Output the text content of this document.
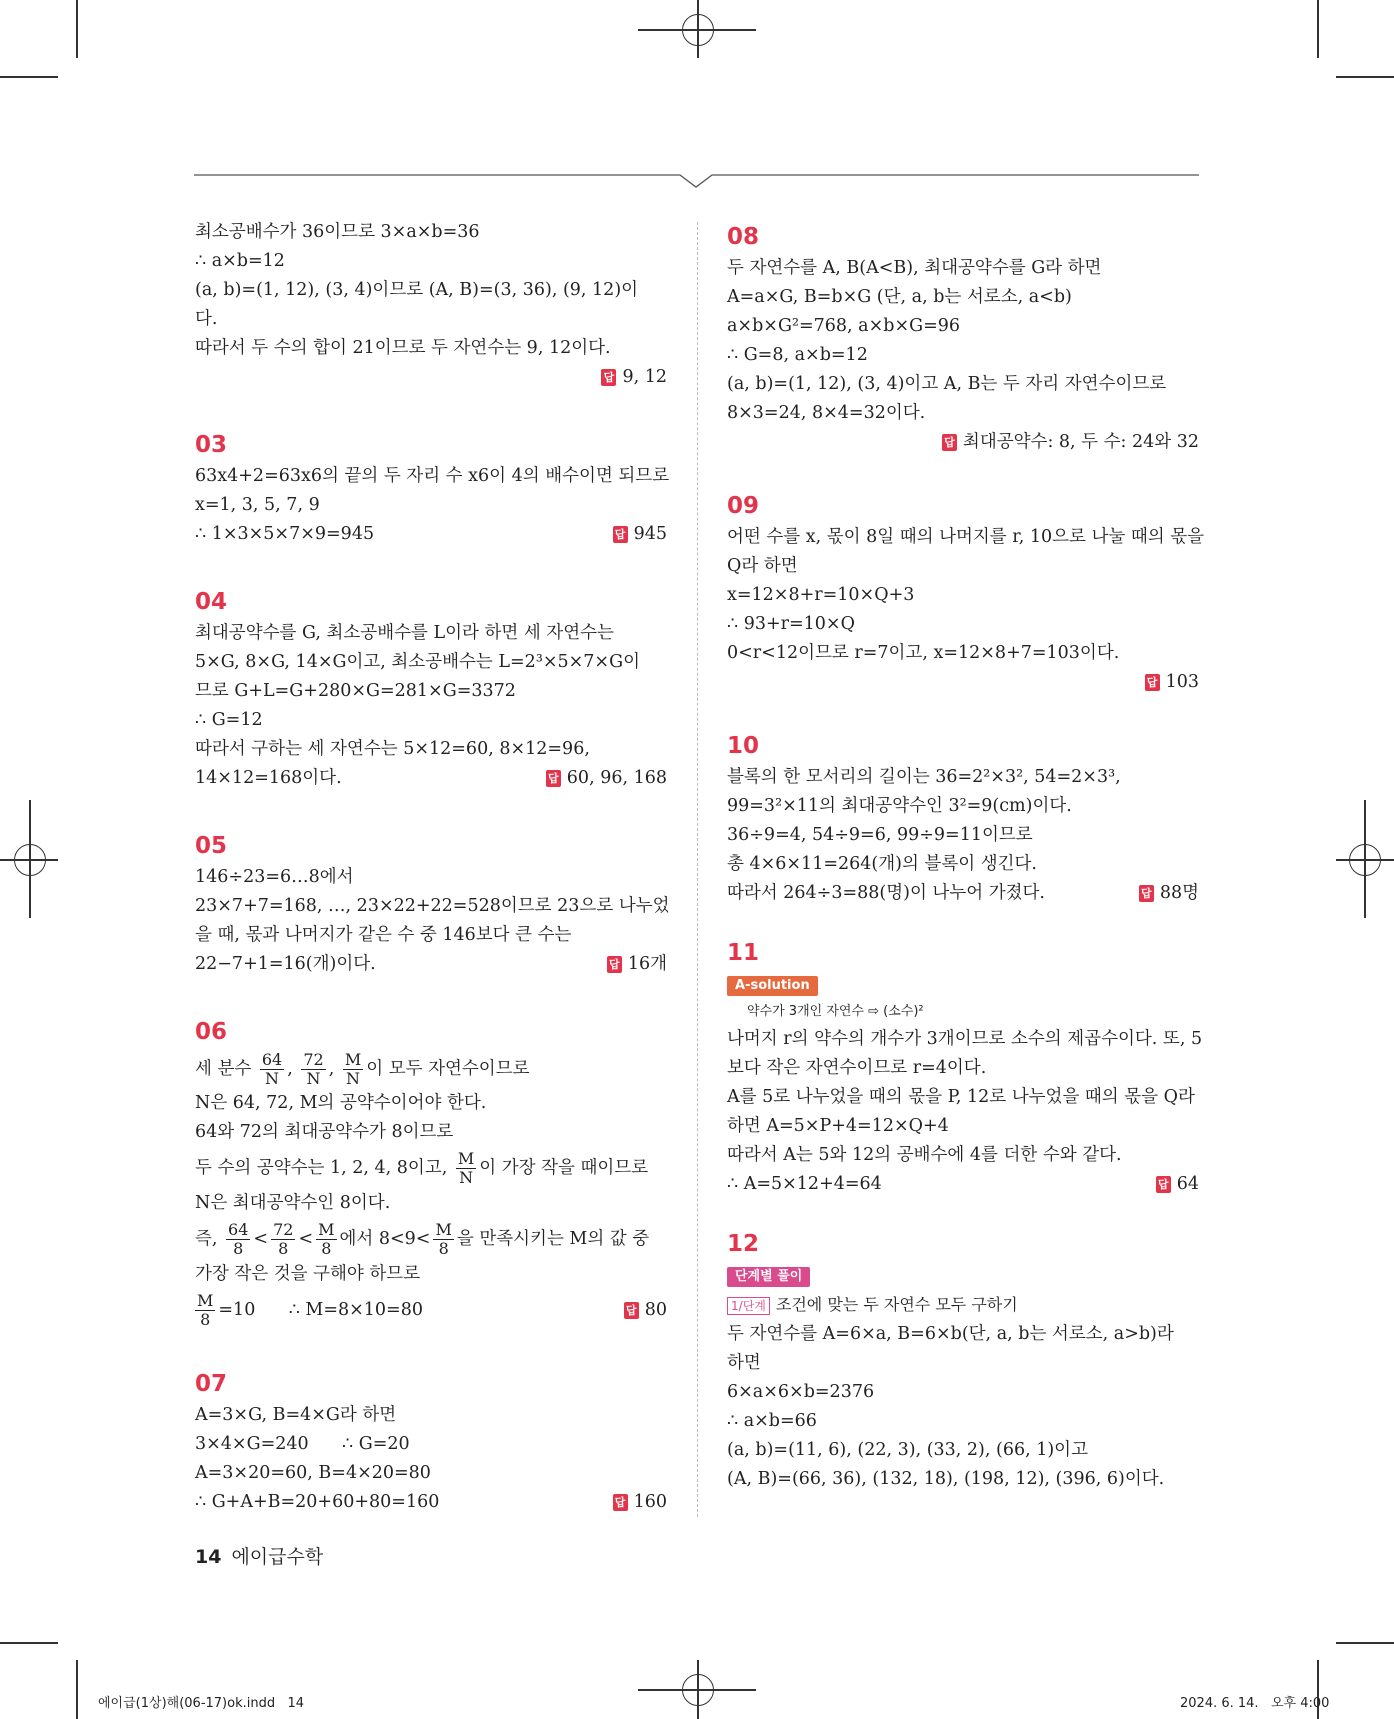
최소공배수가 36이므로 3×a×b=36
∴ a×b=12
(a, b)=(1, 12), (3, 4)이므로 (A, B)=(3, 36), (9, 12)이
다.
따라서 두 수의 합이 21이므로 두 자연수는 9, 12이다.
답 9, 12
03
63x4+2=63x6의 끝의 두 자리 수 x6이 4의 배수이면 되므로
x=1, 3, 5, 7, 9
∴ 1×3×5×7×9=945	답 945
04
최대공약수를 G, 최소공배수를 L이라 하면 세 자연수는
5×G, 8×G, 14×G이고, 최소공배수는 L=2³×5×7×G이
므로 G+L=G+280×G=281×G=3372
∴ G=12
따라서 구하는 세 자연수는 5×12=60, 8×12=96,
14×12=168이다.	답 60, 96, 168
05
146÷23=6…8에서
23×7+7=168, …, 23×22+22=528이므로 23으로 나누었
을 때, 몫과 나머지가 같은 수 중 146보다 큰 수는
22−7+1=16(개)이다.	답 16개
06
세 분수 $\frac{64}{N}$ , $\frac{72}{N}$ , $\frac{M}{N}$ 이 모두 자연수이므로
N은 64, 72, M의 공약수이어야 한다.
64와 72의 최대공약수가 8이므로
두 수의 공약수는 1, 2, 4, 8이고, $\frac{M}{N}$ 이 가장 작을 때이므로
N은 최대공약수인 8이다.
즉, $\frac{64}{8} < \frac{72}{8} < \frac{M}{8}$ 에서 $8<9< \frac{M}{8}$ 을 만족시키는 M의 값 중
가장 작은 것을 구해야 하므로
$\frac{M}{8} =10$      ∴ M=8×10=80	답 80
07
A=3×G, B=4×G라 하면
3×4×G=240      ∴ G=20
A=3×20=60, B=4×20=80
∴ G+A+B=20+60+80=160	답 160
08
두 자연수를 A, B(A<B), 최대공약수를 G라 하면
A=a×G, B=b×G (단, a, b는 서로소, a<b)
a×b×G²=768, a×b×G=96
∴ G=8, a×b=12
(a, b)=(1, 12), (3, 4)이고 A, B는 두 자리 자연수이므로
8×3=24, 8×4=32이다.
답 최대공약수: 8, 두 수: 24와 32
09
어떤 수를 x, 몫이 8일 때의 나머지를 r, 10으로 나눌 때의 몫을
Q라 하면
x=12×8+r=10×Q+3
∴ 93+r=10×Q
0<r<12이므로 r=7이고, x=12×8+7=103이다.
답 103
10
블록의 한 모서리의 길이는 36=2²×3², 54=2×3³,
99=3²×11의 최대공약수인 3²=9(cm)이다.
36÷9=4, 54÷9=6, 99÷9=11이므로
총 4×6×11=264(개)의 블록이 생긴다.
따라서 264÷3=88(명)이 나누어 가졌다.	답 88명
11
A-solution
약수가 3개인 자연수 ⇨ (소수)²
나머지 r의 약수의 개수가 3개이므로 소수의 제곱수이다. 또, 5
보다 작은 자연수이므로 r=4이다.
A를 5로 나누었을 때의 몫을 P, 12로 나누었을 때의 몫을 Q라
하면 A=5×P+4=12×Q+4
따라서 A는 5와 12의 공배수에 4를 더한 수와 같다.
∴ A=5×12+4=64	답 64
12
단계별 풀이
1/단계 조건에 맞는 두 자연수 모두 구하기
두 자연수를 A=6×a, B=6×b(단, a, b는 서로소, a>b)라
하면
6×a×6×b=2376
∴ a×b=66
(a, b)=(11, 6), (22, 3), (33, 2), (66, 1)이고
(A, B)=(66, 36), (132, 18), (198, 12), (396, 6)이다.
14 에이급수학
에이급(1상)해(06-17)ok.indd   14	2024. 6. 14.   오후 4:00
